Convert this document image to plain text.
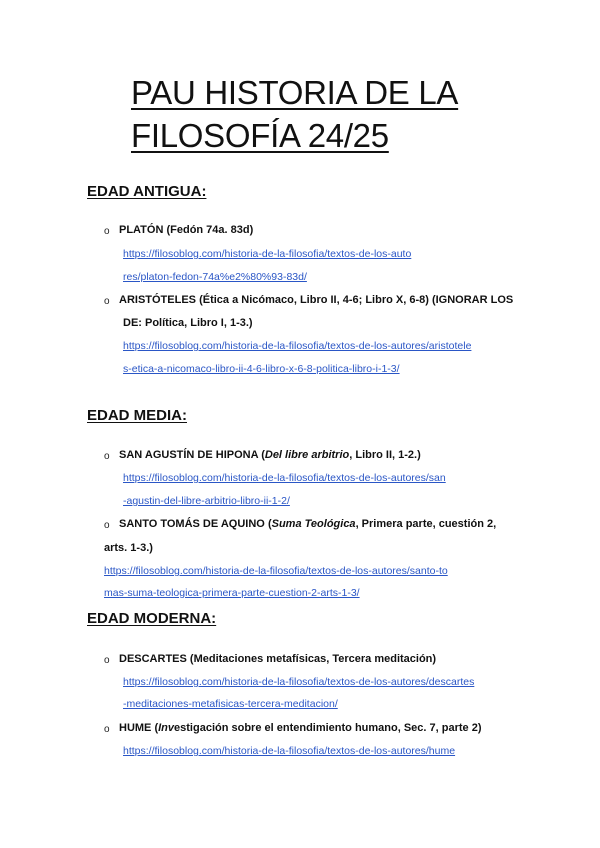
PAU HISTORIA DE LA
FILOSOFÍA 24/25
EDAD ANTIGUA:
o PLATÓN (Fedón 74a. 83d)
https://filosoblog.com/historia-de-la-filosofia/textos-de-los-auto
res/platon-fedon-74a%e2%80%93-83d/
o ARISTÓTELES (Ética a Nicómaco, Libro II, 4-6; Libro X, 6-8) (IGNORAR LOS
DE: Política, Libro I, 1-3.)
https://filosoblog.com/historia-de-la-filosofia/textos-de-los-autores/aristotele
s-etica-a-nicomaco-libro-ii-4-6-libro-x-6-8-politica-libro-i-1-3/
EDAD MEDIA:
o SAN AGUSTÍN DE HIPONA (Del libre arbitrio, Libro II, 1-2.)
https://filosoblog.com/historia-de-la-filosofia/textos-de-los-autores/san
-agustin-del-libre-arbitrio-libro-ii-1-2/
o SANTO TOMÁS DE AQUINO (Suma Teológica, Primera parte, cuestión 2,
arts. 1-3.)
https://filosoblog.com/historia-de-la-filosofia/textos-de-los-autores/santo-to
mas-suma-teologica-primera-parte-cuestion-2-arts-1-3/
EDAD MODERNA:
o DESCARTES (Meditaciones metafísicas, Tercera meditación)
https://filosoblog.com/historia-de-la-filosofia/textos-de-los-autores/descartes
-meditaciones-metafisicas-tercera-meditacion/
o HUME (Investigación sobre el entendimiento humano, Sec. 7, parte 2)
https://filosoblog.com/historia-de-la-filosofia/textos-de-los-autores/hume
